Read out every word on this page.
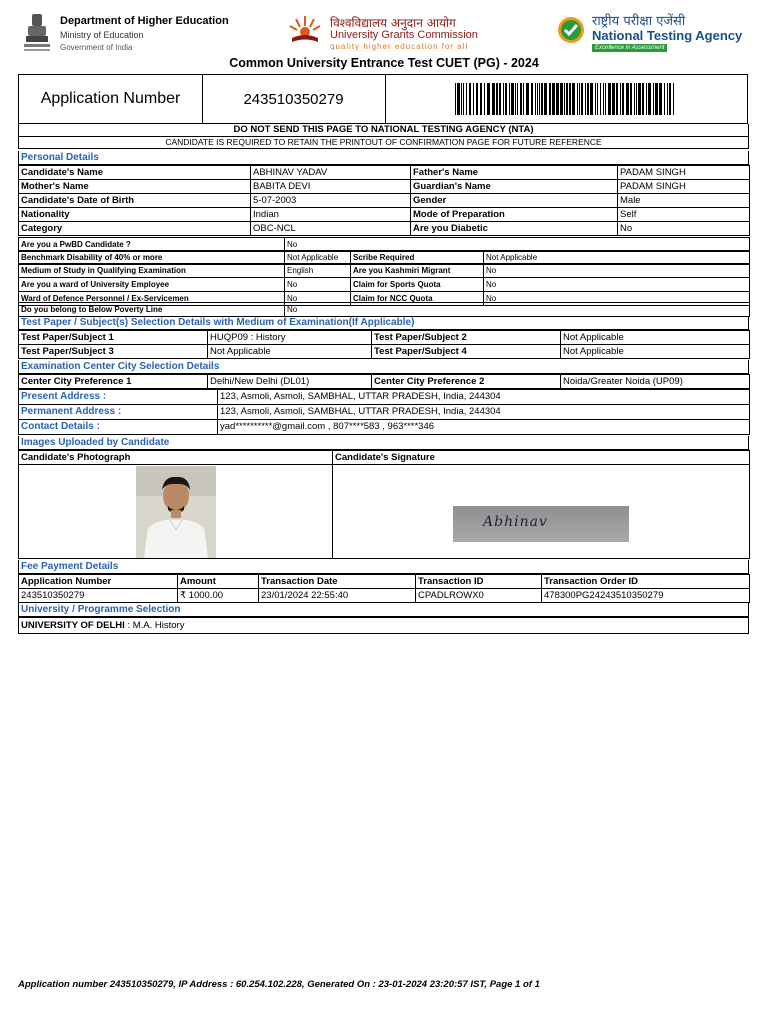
Department of Higher Education
Ministry of Education
Government of India
विश्वविद्यालय अनुदान आयोग
University Grants Commission
quality higher education for all
राष्ट्रीय परीक्षा एजेंसी
National Testing Agency
Excellence in Assessment
Common University Entrance Test CUET (PG) - 2024
Application Number	243510350279
DO NOT SEND THIS PAGE TO NATIONAL TESTING AGENCY (NTA)
CANDIDATE IS REQUIRED TO RETAIN THE PRINTOUT OF CONFIRMATION PAGE FOR FUTURE REFERENCE
Personal Details
Candidate's Name	ABHINAV YADAV	Father's Name	PADAM SINGH
Mother's Name	BABITA DEVI	Guardian's Name	PADAM SINGH
Candidate's Date of Birth	5-07-2003	Gender	Male
Nationality	Indian	Mode of Preparation	Self
Category	OBC-NCL	Are you Diabetic	No
Are you a PwBD Candidate ?	No
Benchmark Disability of 40% or more	Not Applicable	Scribe Required	Not Applicable
Medium of Study in Qualifying Examination	English	Are you Kashmiri Migrant	No
Are you a ward of University Employee	No	Claim for Sports Quota	No
Ward of Defence Personnel / Ex-Servicemen	No	Claim for NCC Quota	No
Do you belong to Below Poverty Line	No
Test Paper / Subject(s) Selection Details with Medium of Examination(If Applicable)
Test Paper/Subject 1	HUQP09 : History	Test Paper/Subject 2	Not Applicable
Test Paper/Subject 3	Not Applicable	Test Paper/Subject 4	Not Applicable
Examination Center City Selection Details
Center City Preference 1	Delhi/New Delhi (DL01)	Center City Preference 2	Noida/Greater Noida (UP09)
Present Address :	123, Asmoli, Asmoli, SAMBHAL, UTTAR PRADESH, India, 244304
Permanent Address :	123, Asmoli, Asmoli, SAMBHAL, UTTAR PRADESH, India, 244304
Contact Details :	yad**********@gmail.com , 807****583 , 963****346
Images Uploaded by Candidate
Candidate's Photograph	Candidate's Signature

Abhinav
Fee Payment Details
Application Number	Amount	Transaction Date	Transaction ID	Transaction Order ID
243510350279	₹ 1000.00	23/01/2024 22:55:40	CPADLROWX0	478300PG24243510350279
University / Programme Selection
UNIVERSITY OF DELHI : M.A. History
Application number 243510350279, IP Address : 60.254.102.228, Generated On : 23-01-2024 23:20:57 IST, Page 1 of 1
